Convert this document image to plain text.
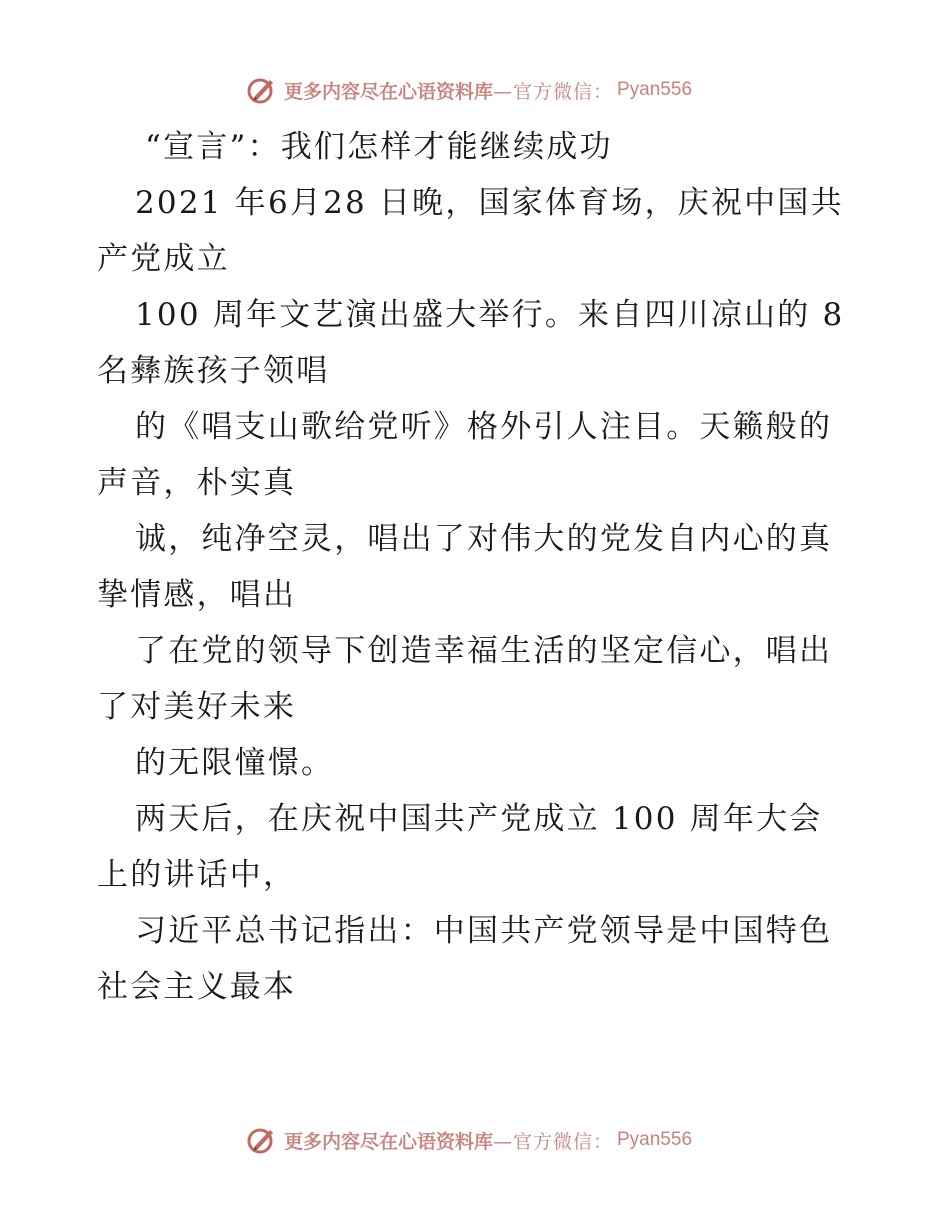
更多内容尽在心语资料库 —官方微信： Pyan556
“宣言”：我们怎样才能继续成功
2021 年6月28 日晚，国家体育场，庆祝中国共
产党成立
100 周年文艺演出盛大举行。来自四川凉山的 8
名彝族孩子领唱
的《唱支山歌给党听》格外引人注目。天籁般的
声音，朴实真
诚，纯净空灵，唱出了对伟大的党发自内心的真
挚情感，唱出
了在党的领导下创造幸福生活的坚定信心，唱出
了对美好未来
的无限憧憬。
两天后，在庆祝中国共产党成立 100 周年大会
上的讲话中，
习近平总书记指出：中国共产党领导是中国特色
社会主义最本
更多内容尽在心语资料库 —官方微信： Pyan556
